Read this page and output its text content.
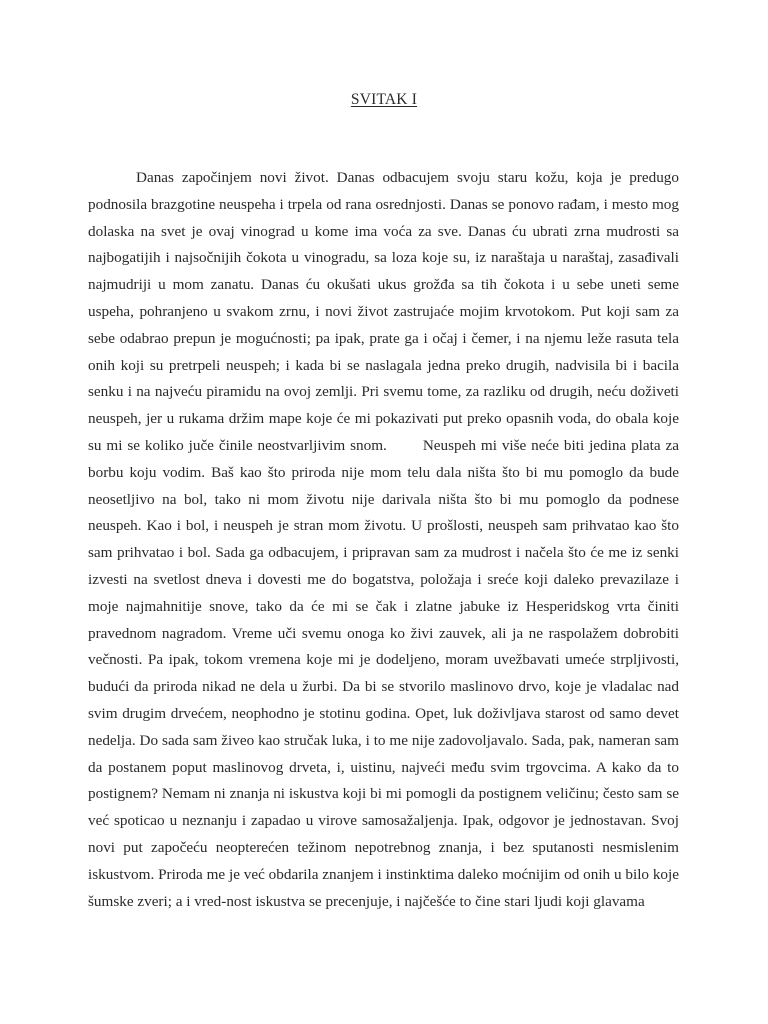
SVITAK I

Danas započinjem novi život. Danas odbacujem svoju staru kožu, koja je predugo podnosila brazgotine neuspeha i trpela od rana osrednjosti. Danas se ponovo rađam, i mesto mog dolaska na svet je ovaj vinograd u kome ima voća za sve. Danas ću ubrati zrna mudrosti sa najbogatijih i najsočnijih čokota u vinogradu, sa loza koje su, iz naraštaja u naraštaj, zasađivali najmudriji u mom zanatu. Danas ću okušati ukus grožđa sa tih čokota i u sebe uneti seme uspeha, pohranjeno u svakom zrnu, i novi život zastrujaće mojim krvotokom. Put koji sam za sebe odabrao prepun je mogućnosti; pa ipak, prate ga i očaj i čemer, i na njemu leže rasuta tela onih koji su pretrpeli neuspeh; i kada bi se naslagala jedna preko drugih, nadvisila bi i bacila senku i na najveću piramidu na ovoj zemlji. Pri svemu tome, za razliku od drugih, neću doživeti neuspeh, jer u rukama držim mape koje će mi pokazivati put preko opasnih voda, do obala koje su mi se koliko juče činile neostvarljivim snom. Neuspeh mi više neće biti jedina plata za borbu koju vodim. Baš kao što priroda nije mom telu dala ništa što bi mu pomoglo da bude neosetljivo na bol, tako ni mom životu nije darivala ništa što bi mu pomoglo da podnese neuspeh. Kao i bol, i neuspeh je stran mom životu. U prošlosti, neuspeh sam prihvatao kao što sam prihvatao i bol. Sada ga odbacujem, i pripravan sam za mudrost i načela što će me iz senki izvesti na svetlost dneva i dovesti me do bogatstva, položaja i sreće koji daleko prevazilaze i moje najmahnitije snove, tako da će mi se čak i zlatne jabuke iz Hesperidskog vrta činiti pravednom nagradom. Vreme uči svemu onoga ko živi zauvek, ali ja ne raspolažem dobrobiti večnosti. Pa ipak, tokom vremena koje mi je dodeljeno, moram uvežbavati umeće strpljivosti, budući da priroda nikad ne dela u žurbi. Da bi se stvorilo maslinovo drvo, koje je vladalac nad svim drugim drvećem, neophodno je stotinu godina. Opet, luk doživljava starost od samo devet nedelja. Do sada sam živeo kao stručak luka, i to me nije zadovoljavalo. Sada, pak, nameran sam da postanem poput maslinovog drveta, i, uistinu, najveći među svim trgovcima. A kako da to postignem? Nemam ni znanja ni iskustva koji bi mi pomogli da postignem veličinu; često sam se već spoticao u neznanju i zapadao u virove samosažaljenja. Ipak, odgovor je jednostavan. Svoj novi put započeću neopterećen težinom nepotrebnog znanja, i bez sputanosti nesmislenim iskustvom. Priroda me je već obdarila znanjem i instinktima daleko moćnijim od onih u bilo koje šumske zveri; a i vred-nost iskustva se precenjuje, i najčešće to čine stari ljudi koji glavama
